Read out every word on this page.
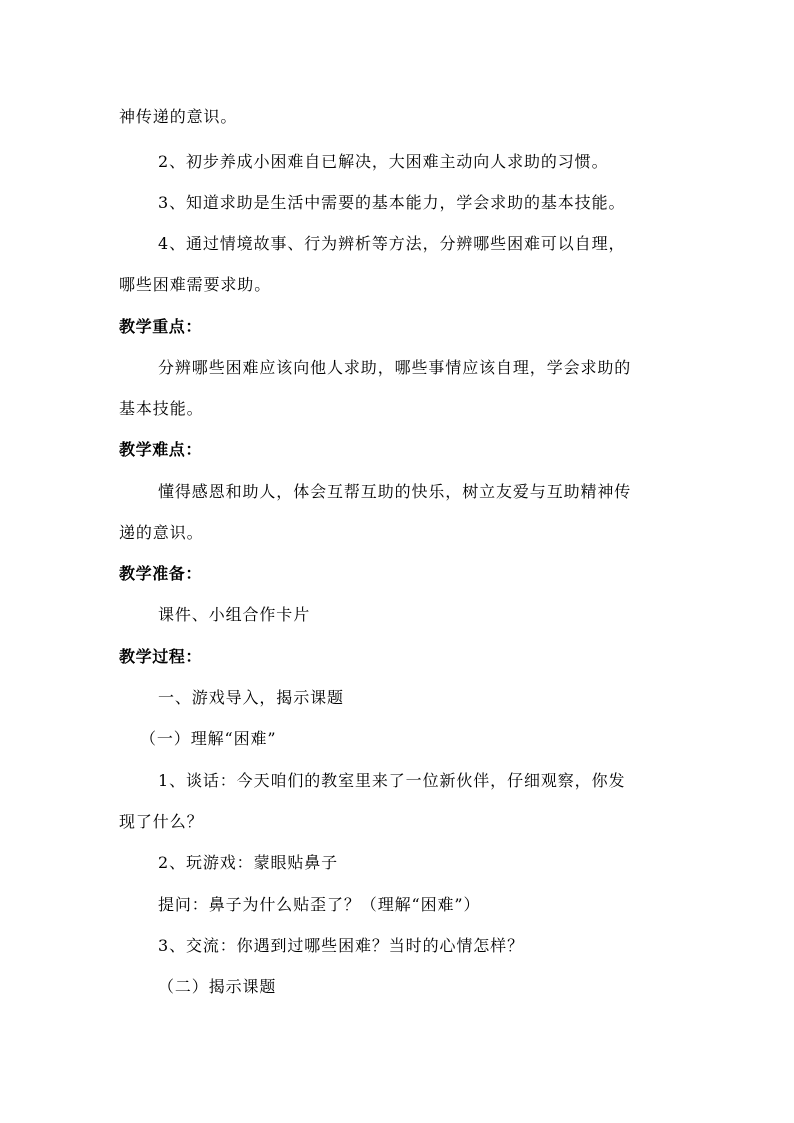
神传递的意识。
2、初步养成小困难自已解决，大困难主动向人求助的习惯。
3、知道求助是生活中需要的基本能力，学会求助的基本技能。
4、通过情境故事、行为辨析等方法，分辨哪些困难可以自理，
哪些困难需要求助。
教学重点：
分辨哪些困难应该向他人求助，哪些事情应该自理，学会求助的
基本技能。
教学难点：
懂得感恩和助人，体会互帮互助的快乐，树立友爱与互助精神传
递的意识。
教学准备：
课件、小组合作卡片
教学过程：
一、游戏导入，揭示课题
（一）理解“困难”
1、谈话：今天咱们的教室里来了一位新伙伴，仔细观察，你发
现了什么？
2、玩游戏：蒙眼贴鼻子
提问：鼻子为什么贴歪了？（理解“困难”）
3、交流：你遇到过哪些困难？当时的心情怎样？
（二）揭示课题
